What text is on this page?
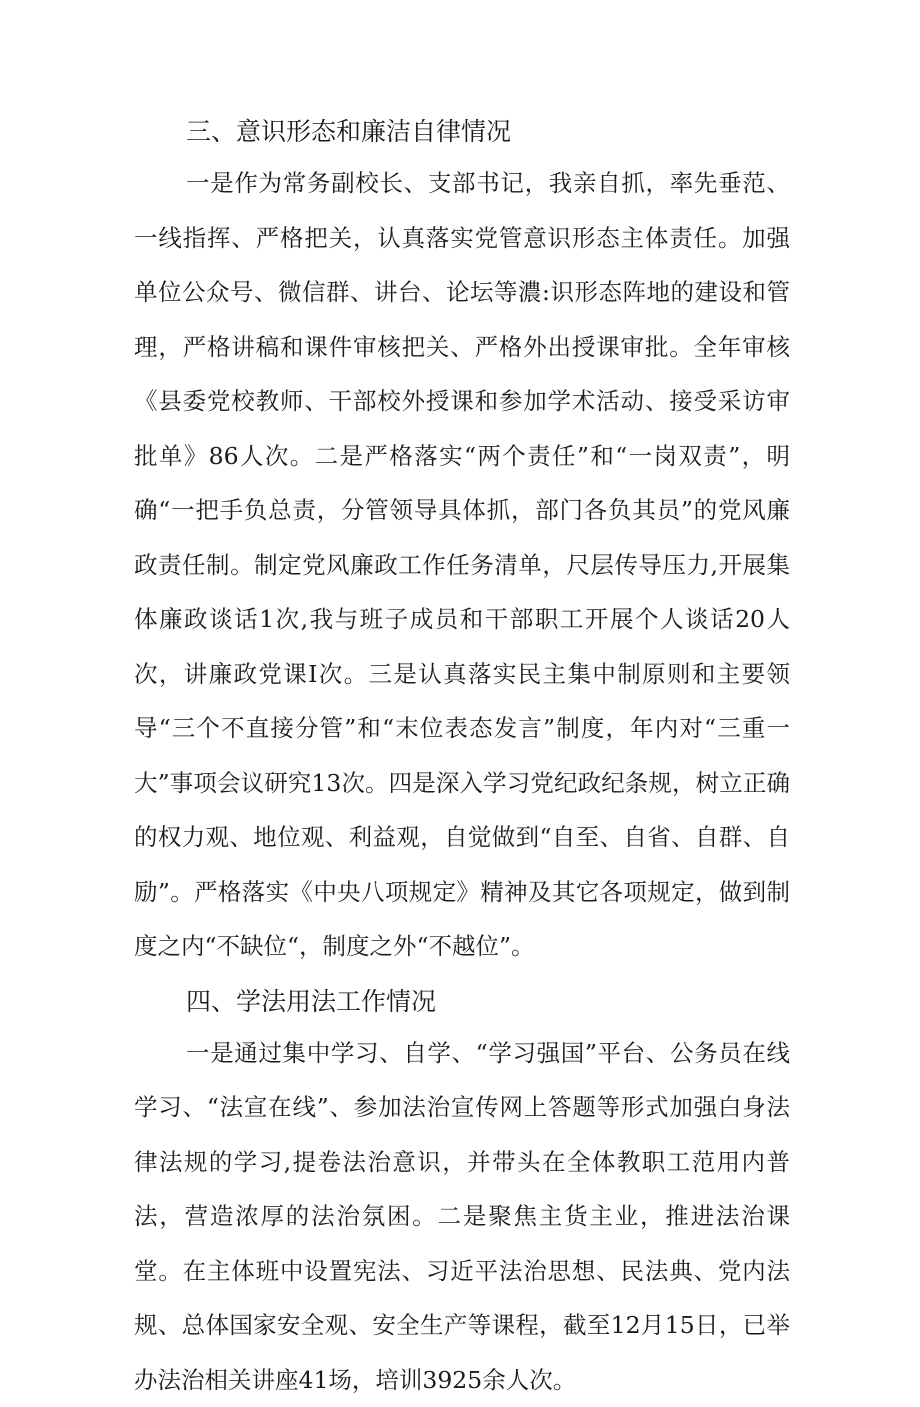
三、意识形态和廉洁自律情况

一是作为常务副校长、支部书记，我亲自抓，率先垂范、一线指挥、严格把关，认真落实党管意识形态主体责任。加强单位公众号、微信群、讲台、论坛等濃:识形态阵地的建设和管理，严格讲稿和课件审核把关、严格外出授课审批。全年审核《县委党校教师、干部校外授课和参加学术活动、接受采访审批单》86人次。二是严格落实“两个责任”和“一岗双责”，明确“一把手负总责，分管领导具体抓，部门各负其员”的党风廉政责任制。制定党风廉政工作任务清单，尺层传导压力,开展集体廉政谈话1次,我与班子成员和干部职工开展个人谈话20人次，讲廉政党课I次。三是认真落实民主集中制原则和主要领导“三个不直接分管”和“末位表态发言”制度，年内对“三重一大”事项会议研究13次。四是深入学习党纪政纪条规，树立正确的权力观、地位观、利益观，自觉做到“自至、自省、自群、自励”。严格落实《中央八项规定》精神及其它各项规定，做到制度之内“不缺位“，制度之外“不越位”。

四、学法用法工作情况

一是通过集中学习、自学、“学习强国”平台、公务员在线学习、“法宣在线”、参加法治宣传网上答题等形式加强白身法律法规的学习,提卷法治意识，并带头在全体教职工范用内普法，营造浓厚的法治氛困。二是聚焦主货主业，推进法治课堂。在主体班中设置宪法、习近平法治思想、民法典、党内法规、总体国家安全观、安全生产等课程，截至12月15日，已举办法治相关讲座41场，培训3925余人次。
